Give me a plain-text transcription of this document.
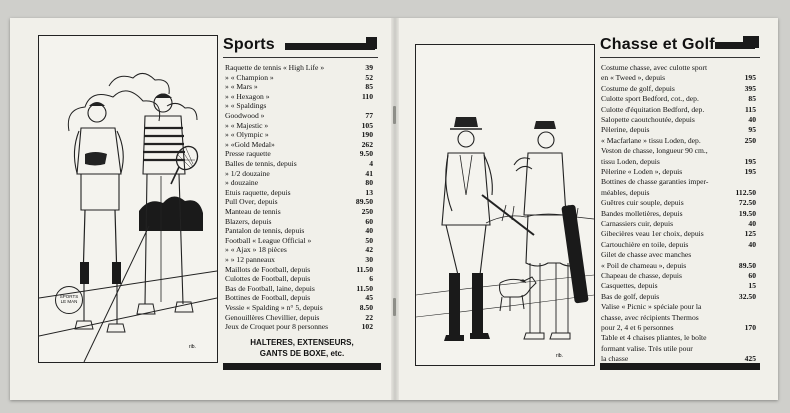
rib.
SPORTS
LE MAN
Sports
Raquette de tennis « High Life »	39
» « Champion »	52
» « Mars »	85
» « Hexagon »	110
» « Spaldings
Goodwood »	77
» « Majestic »	105
» « Olympic »	190
» «Gold Medal»	262
Presse raquette	9.50
Balles de tennis, depuis	4
» 1/2 douzaine	41
» douzaine	80
Etuis raquette, depuis	13
Pull Over, depuis	89.50
Manteau de tennis	250
Blazers, depuis	60
Pantalon de tennis, depuis	40
Football « League Official »	50
» « Ajax » 18 pièces	42
» » 12 panneaux	30
Maillots de Football, depuis	11.50
Culottes de Football, depuis	6
Bas de Football, laine, depuis	11.50
Bottines de Football, depuis	45
Vessie « Spalding » n° 5, depuis	8.50
Genouillères Chevillier, depuis	22
Jeux de Croquet pour 8 personnes	102
HALTERES, EXTENSEURS,
GANTS DE BOXE, etc.	rib.
Chasse et Golf
Costume chasse, avec culotte sport
en « Tweed », depuis	195
Costume de golf, depuis	395
Culotte sport Bedford, cot., dep.	85
Culotte d'équitation Bedford, dep.	115
Salopette caoutchoutée, depuis	40
Pèlerine, depuis	95
« Macfarlane » tissu Loden, dep.	250
Veston de chasse, longueur 90 cm.,
tissu Loden, depuis	195
Pèlerine « Loden », depuis	195
Bottines de chasse garanties imper-
méables, depuis	112.50
Guêtres cuir souple, depuis	72.50
Bandes molletières, depuis	19.50
Carnassiers cuir, depuis	40
Gibecières veau 1er choix, depuis	125
Cartouchière en toile, depuis	40
Gilet de chasse avec manches
« Poil de chameau », depuis	89.50
Chapeau de chasse, depuis	60
Casquettes, depuis	15
Bas de golf, depuis	32.50
Valise « Picnic » spéciale pour la
chasse, avec récipients Thermos
pour 2, 4 et 6 personnes	170
Table et 4 chaises pliantes, le boîte
formant valise. Très utile pour
la chasse	425
